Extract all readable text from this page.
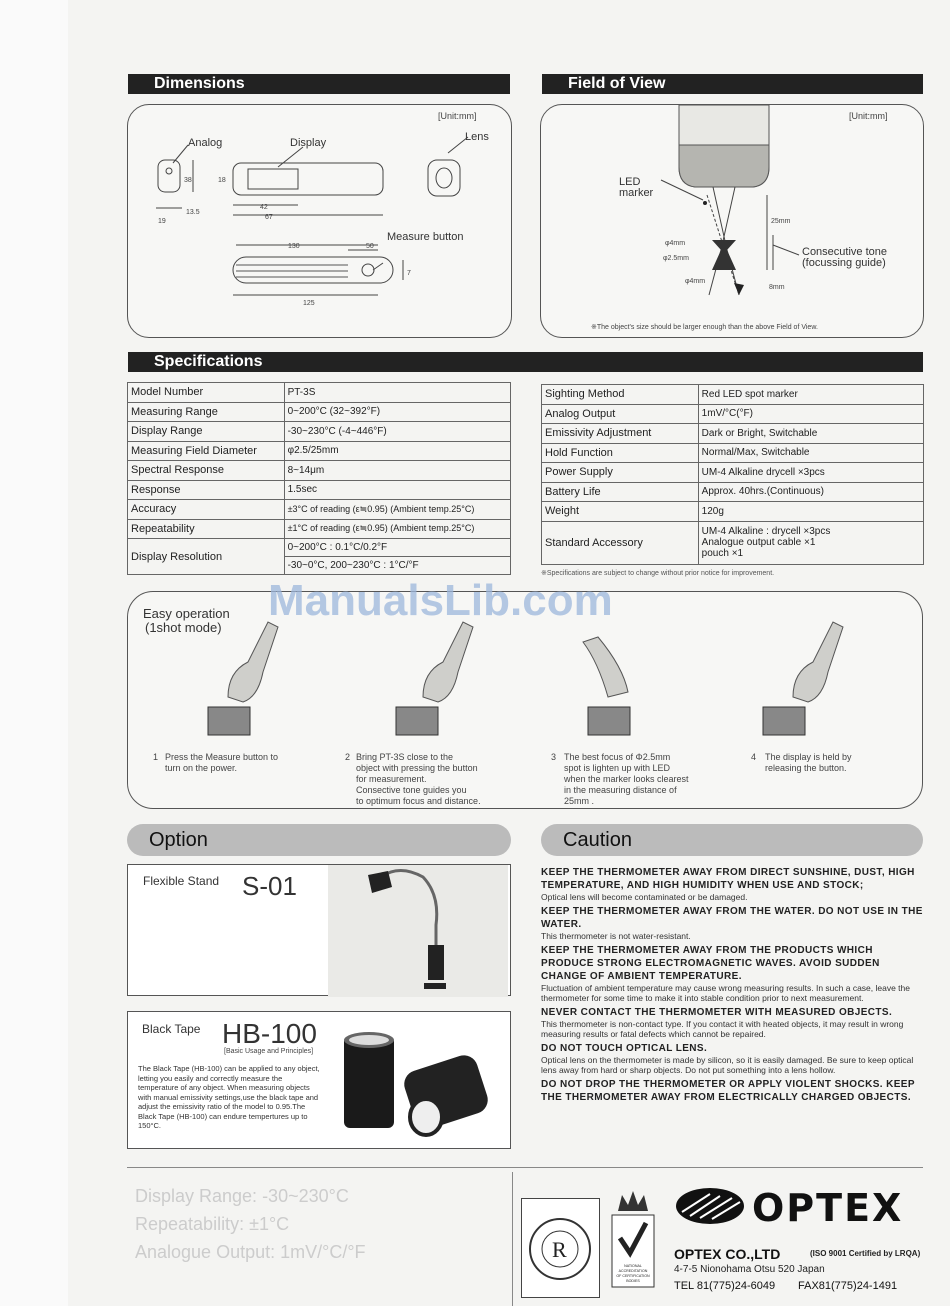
Dimensions
[Unit:mm]
Analog	Display	Lens
Measure button
18
38
13.5
19
42
67
130	50
7
125
Field of View
[Unit:mm]
25mm
φ4mm
φ2.5mm
φ4mm
8mm
LED
marker
Consecutive tone
(focussing guide)
※The object's size should be larger enough than the above Field of View.
Specifications
Model Number	PT-3S
Measuring Range	0~200°C (32~392°F)
Display Range	-30~230°C (-4~446°F)
Measuring Field Diameter	φ2.5/25mm
Spectral Response	8~14μm
Response	1.5sec
Accuracy	±3°C of reading (ε≒0.95) (Ambient temp.25°C)
Repeatability	±1°C of reading (ε≒0.95) (Ambient temp.25°C)
Display Resolution	0~200°C : 0.1°C/0.2°F
	-30~0°C, 200~230°C : 1°C/°F
Sighting Method	Red LED spot marker
Analog Output	1mV/°C(°F)
Emissivity Adjustment	Dark or Bright, Switchable
Hold Function	Normal/Max, Switchable
Power Supply	UM-4 Alkaline drycell ×3pcs
Battery Life	Approx. 40hrs.(Continuous)
Weight	120g
Standard Accessory	UM-4 Alkaline : drycell ×3pcs
Analogue output cable ×1
pouch ×1
※Specifications are subject to change without prior notice for improvement.
Easy operation
(1shot mode)
1 Press the Measure button to
turn on the power.
2 Bring PT-3S close to the
object with pressing the button
for measurement.
Consective tone guides you
to optimum focus and distance.
3 The best focus of Φ2.5mm
spot is lighten up with LED
when the marker looks clearest
in the measuring distance of
25mm .
4 The display is held by
releasing the button.
ManualsLib.com
Option
Flexible Stand S-01
Black Tape HB-100
[Basic Usage and Principles]
The Black Tape (HB-100) can be applied to any object, letting you easily and correctly measure the temperature of any object. When measuring objects with manual emissivity settings,use the black tape and adjust the emissivity ratio of the model to 0.95.The Black Tape (HB-100) can endure tempertures up to 150°C.
Caution
KEEP THE THERMOMETER AWAY FROM DIRECT SUNSHINE, DUST, HIGH TEMPERATURE, AND HIGH HUMIDITY WHEN USE AND STOCK;
Optical lens will become contaminated or be damaged.
KEEP THE THERMOMETER AWAY FROM THE WATER. DO NOT USE IN THE WATER.
This thermometer is not water-resistant.
KEEP THE THERMOMETER AWAY FROM THE PRODUCTS WHICH PRODUCE STRONG ELECTROMAGNETIC WAVES. AVOID SUDDEN CHANGE OF AMBIENT TEMPERATURE.
Fluctuation of ambient temperature may cause wrong measuring results. In such a case, leave the thermometer for some time to make it into stable condition prior to next measurement.
NEVER CONTACT THE THERMOMETER WITH MEASURED OBJECTS.
This thermometer is non-contact type. If you contact it with heated objects, it may result in wrong measuring results or fatal defects which cannot be repaired.
DO NOT TOUCH OPTICAL LENS.
Optical lens on the thermometer is made by silicon, so it is easily damaged. Be sure to keep optical lens away from hard or sharp objects. Do not put something into a lens hollow.
DO NOT DROP THE THERMOMETER OR APPLY VIOLENT SHOCKS. KEEP THE THERMOMETER AWAY FROM ELECTRICALLY CHARGED OBJECTS.
Display Range: -30~230°C
Repeatability: ±1°C
Analogue Output: 1mV/°C/°F	R
NATIONAL
ACCREDITATION
OF CERTIFICATION
BODIES
OPTEX
OPTEX CO.,LTD	(ISO 9001 Certified by LRQA)
4-7-5 Nionohama Otsu 520 Japan
TEL 81(775)24-6049 FAX81(775)24-1491
